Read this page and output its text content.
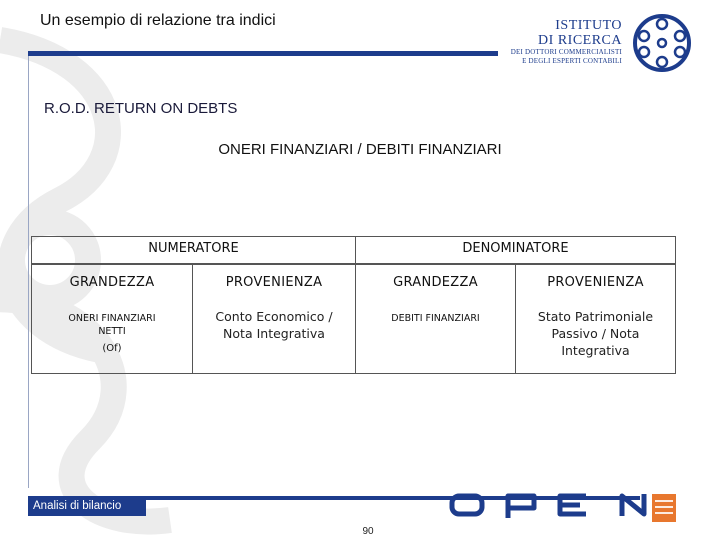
Un esempio di relazione tra indici	ISTITUTO
DI RICERCA
DEI DOTTORI COMMERCIALISTI
E DEGLI ESPERTI CONTABILI
R.O.D. RETURN ON DEBTS
ONERI FINANZIARI / DEBITI FINANZIARI
NUMERATORE	DENOMINATORE
GRANDEZZA
ONERI FINANZIARI
NETTI
(Of)
PROVENIENZA
Conto Economico /
Nota Integrativa
GRANDEZZA
DEBITI FINANZIARI
PROVENIENZA
Stato Patrimoniale
Passivo / Nota
Integrativa
Analisi di bilancio
90
